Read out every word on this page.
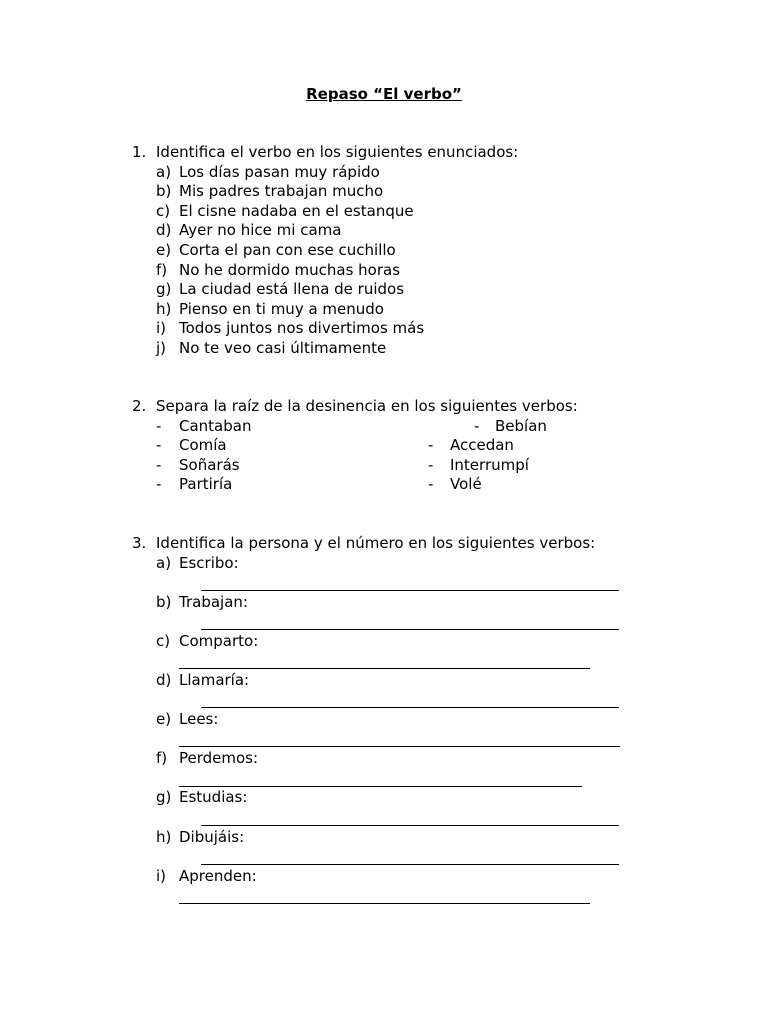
Repaso “El verbo”
1. Identifica el verbo en los siguientes enunciados:
a) Los días pasan muy rápido
b) Mis padres trabajan mucho
c) El cisne nadaba en el estanque
d) Ayer no hice mi cama
e) Corta el pan con ese cuchillo
f) No he dormido muchas horas
g) La ciudad está llena de ruidos
h) Pienso en ti muy a menudo
i) Todos juntos nos divertimos más
j) No te veo casi últimamente
2. Separa la raíz de la desinencia en los siguientes verbos:
- Cantaban	- Bebían
- Comía	- Accedan
- Soñarás	- Interrumpí
- Partiría	- Volé
3. Identifica la persona y el número en los siguientes verbos:
a) Escribo:
b) Trabajan:
c) Comparto:
d) Llamaría:
e) Lees:
f) Perdemos:
g) Estudias:
h) Dibujáis:
i) Aprenden:
